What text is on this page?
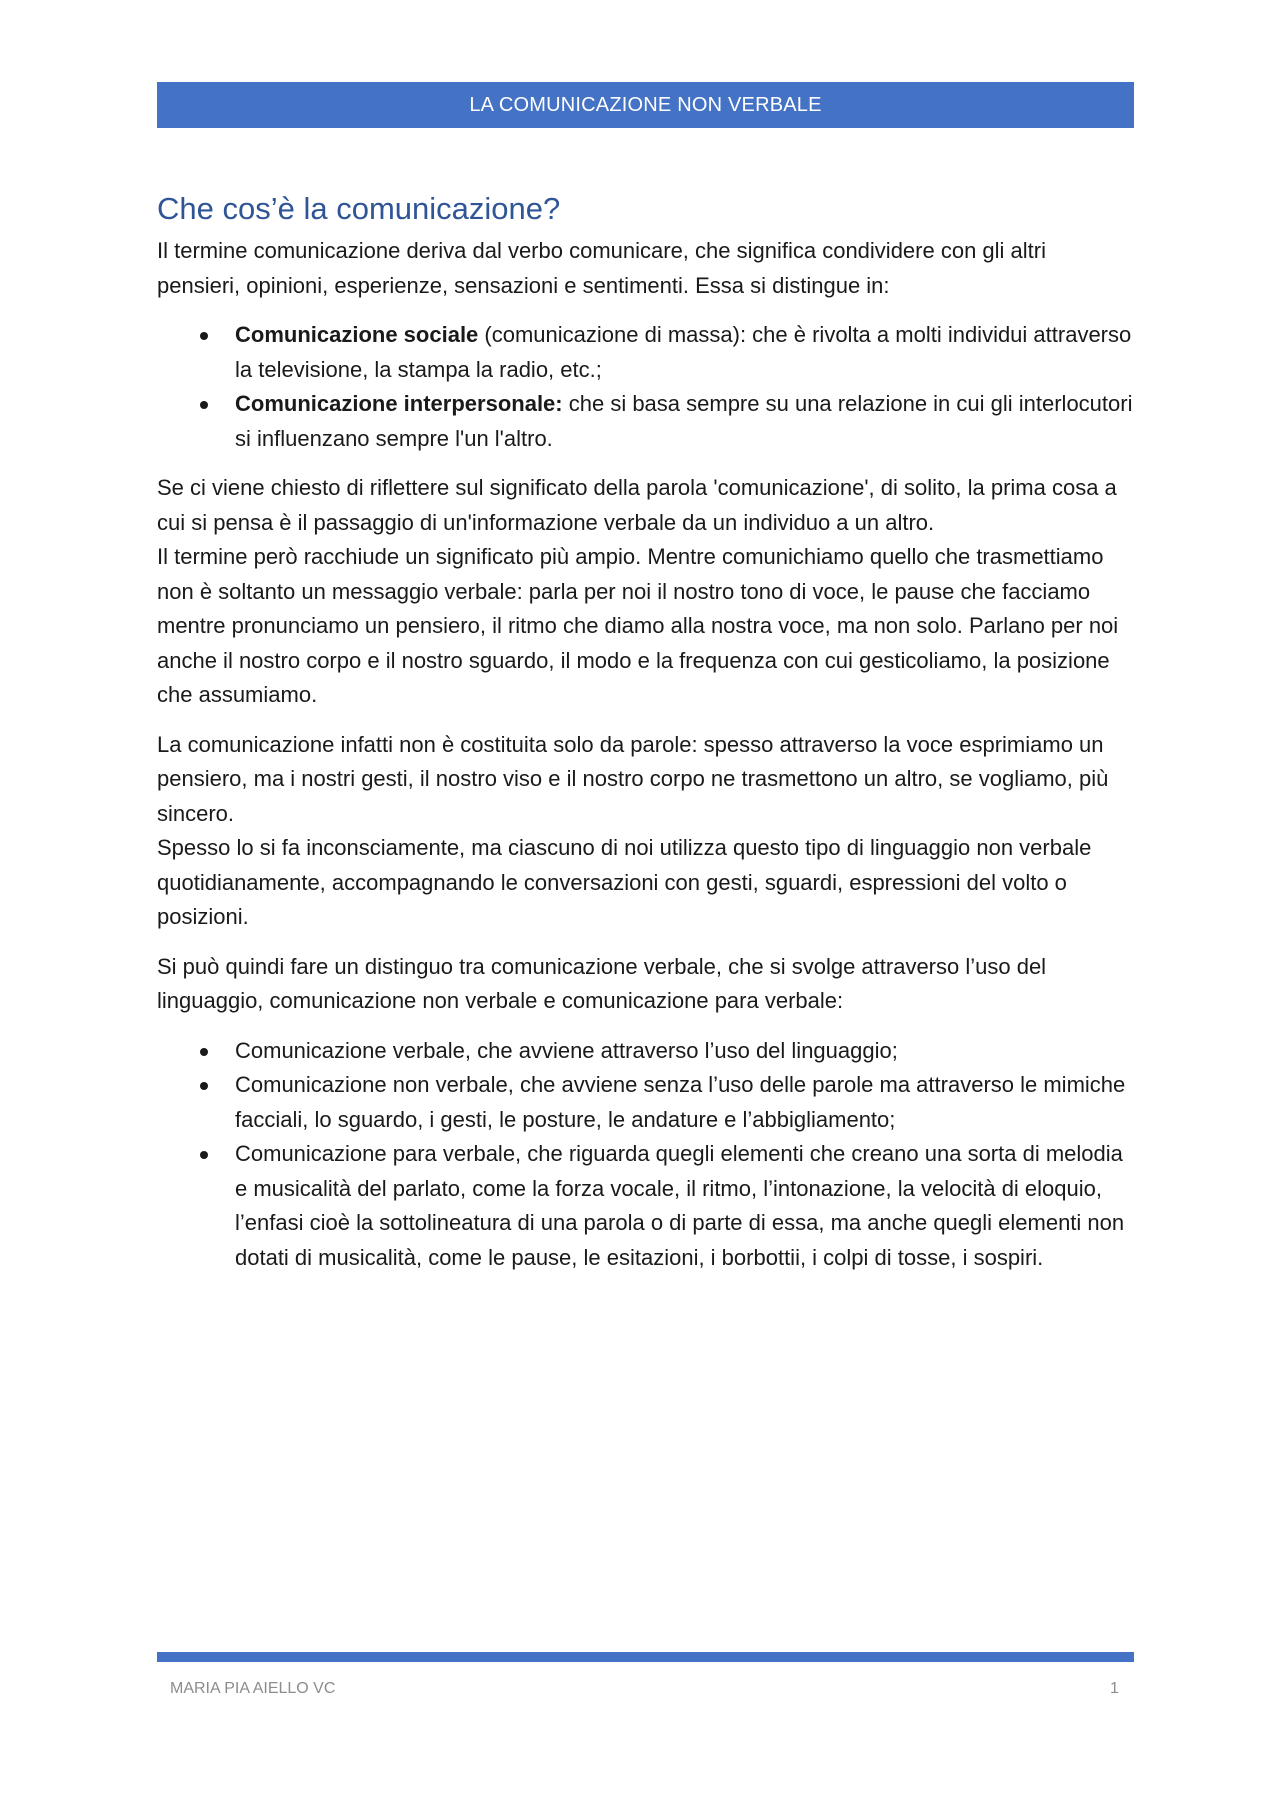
LA COMUNICAZIONE NON VERBALE
Che cos’è la comunicazione?

Il termine comunicazione deriva dal verbo comunicare, che significa condividere con gli altri pensieri, opinioni, esperienze, sensazioni e sentimenti. Essa si distingue in:

Comunicazione sociale (comunicazione di massa): che è rivolta a molti individui attraverso la televisione, la stampa la radio, etc.;
Comunicazione interpersonale: che si basa sempre su una relazione in cui gli interlocutori si influenzano sempre l'un l'altro.

Se ci viene chiesto di riflettere sul significato della parola 'comunicazione', di solito, la prima cosa a cui si pensa è il passaggio di un'informazione verbale da un individuo a un altro.
Il termine però racchiude un significato più ampio. Mentre comunichiamo quello che trasmettiamo non è soltanto un messaggio verbale: parla per noi il nostro tono di voce, le pause che facciamo mentre pronunciamo un pensiero, il ritmo che diamo alla nostra voce, ma non solo. Parlano per noi anche il nostro corpo e il nostro sguardo, il modo e la frequenza con cui gesticoliamo, la posizione che assumiamo.

La comunicazione infatti non è costituita solo da parole: spesso attraverso la voce esprimiamo un pensiero, ma i nostri gesti, il nostro viso e il nostro corpo ne trasmettono un altro, se vogliamo, più sincero.
Spesso lo si fa inconsciamente, ma ciascuno di noi utilizza questo tipo di linguaggio non verbale quotidianamente, accompagnando le conversazioni con gesti, sguardi, espressioni del volto o posizioni.

Si può quindi fare un distinguo tra comunicazione verbale, che si svolge attraverso l’uso del linguaggio, comunicazione non verbale e comunicazione para verbale:

Comunicazione verbale, che avviene attraverso l’uso del linguaggio;
Comunicazione non verbale, che avviene senza l’uso delle parole ma attraverso le mimiche facciali, lo sguardo, i gesti, le posture, le andature e l’abbigliamento;
Comunicazione para verbale, che riguarda quegli elementi che creano una sorta di melodia e musicalità del parlato, come la forza vocale, il ritmo, l’intonazione, la velocità di eloquio, l’enfasi cioè la sottolineatura di una parola o di parte di essa, ma anche quegli elementi non dotati di musicalità, come le pause, le esitazioni, i borbottii, i colpi di tosse, i sospiri.
MARIA PIA AIELLO VC	1
